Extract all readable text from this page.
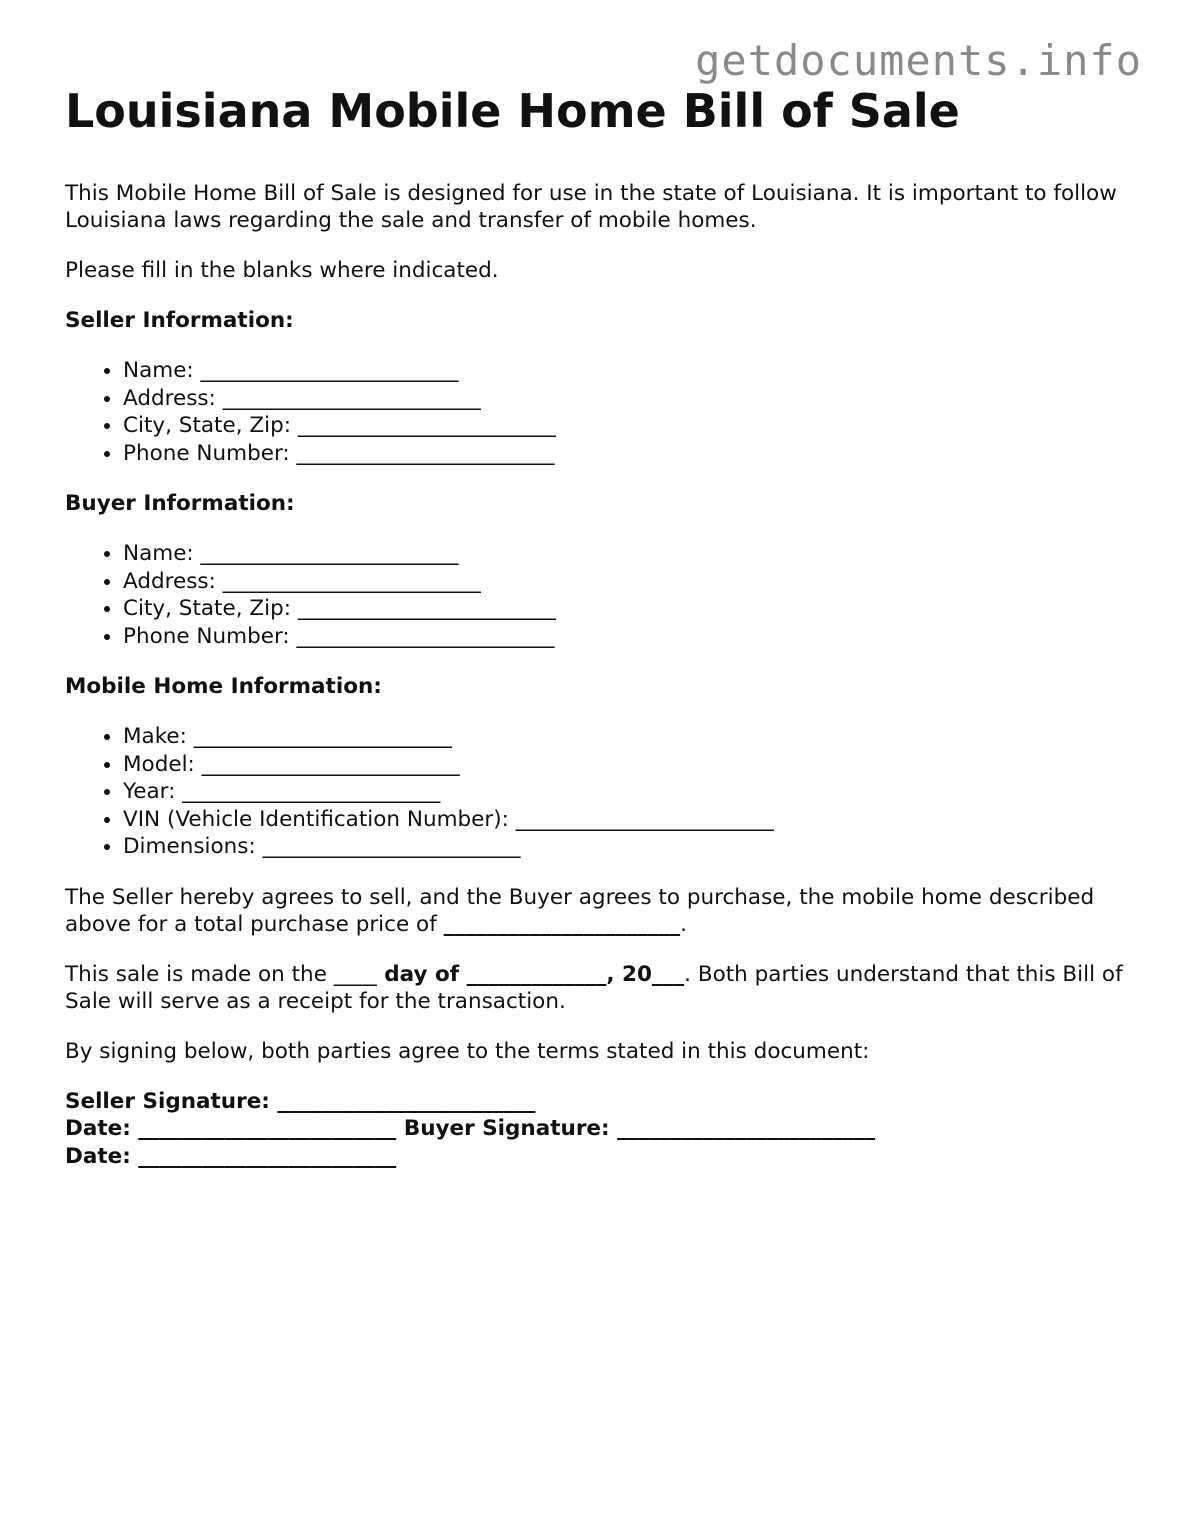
getdocuments.info
Louisiana Mobile Home Bill of Sale

This Mobile Home Bill of Sale is designed for use in the state of Louisiana. It is important to follow Louisiana laws regarding the sale and transfer of mobile homes.

Please fill in the blanks where indicated.

Seller Information:
• Name: ________________________
• Address: ________________________
• City, State, Zip: ________________________
• Phone Number: ________________________
Buyer Information:
• Name: ________________________
• Address: ________________________
• City, State, Zip: ________________________
• Phone Number: ________________________
Mobile Home Information:
• Make: ________________________
• Model: ________________________
• Year: ________________________
• VIN (Vehicle Identification Number): ________________________
• Dimensions: ________________________

The Seller hereby agrees to sell, and the Buyer agrees to purchase, the mobile home described above for a total purchase price of ______________________.

This sale is made on the ____ day of _____________, 20___. Both parties understand that this Bill of Sale will serve as a receipt for the transaction.

By signing below, both parties agree to the terms stated in this document:

Seller Signature: ________________________
Date: ________________________ Buyer Signature: ________________________
Date: ________________________
